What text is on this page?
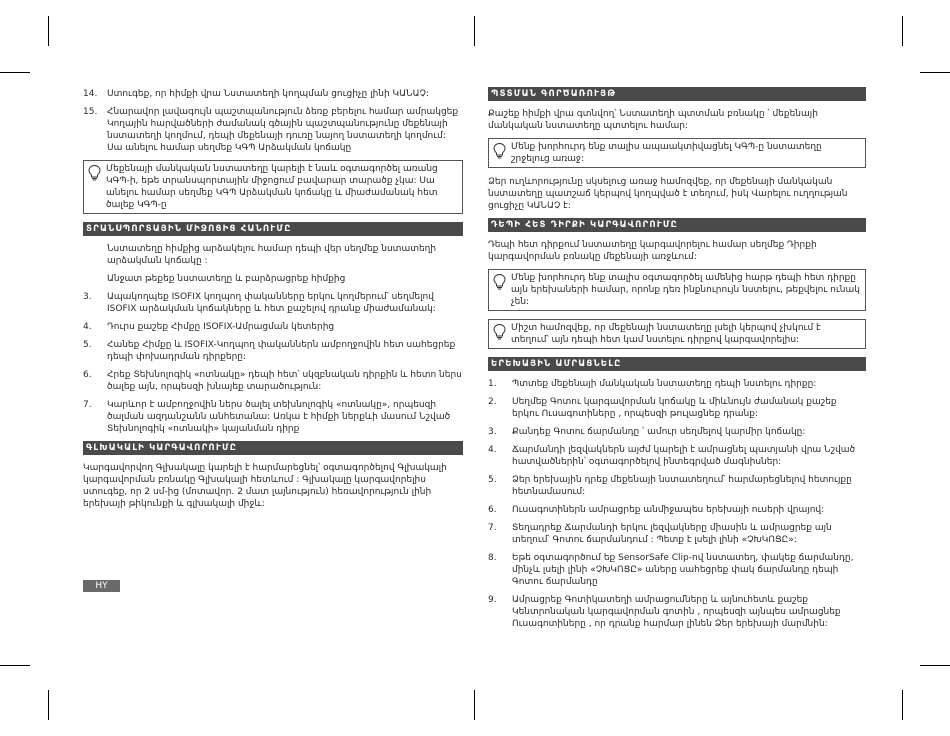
14. Ստուգեք, որ հիմքի վրա Նստատեղի կողպման ցուցիչը լինի ԿԱՆԱՉ:
15. Հնարավոր լավագույն պաշտպանություն ձեռք բերելու համար ամրակցեք Կողային հարվածների ժամանակ գծային պաշտպանությունը մեքենայի նստատեղի կողմում, դեպի մեքենայի դուռը նայող նստատեղի կողմում: Սա անելու համար սեղմեք ԿԳՊ Արձակման կոճակը
Մեքենայի մանկական նստատեղը կարելի է նաև օգտագործել առանց ԿԳՊ-ի, եթե տրանսպորտային միջոցում բավարար տարածք չկա: Սա անելու համար սեղմեք ԿԳՊ Արձակման կոճակը և միաժամանակ հետ ծալեք ԿԳՊ-ը
ՏՐԱՆՍՊՈՐՏԱՅԻՆ ՄԻՋՈՑԻՑ ՀԱՆՈՒՄԸ
Նստատեղը հիմքից արձակելու համար դեպի վեր սեղմեք նստատեղի արձակման կոճակը :
Անջատ թեքեք նստատեղը և բարձրացրեք հիմքից
3. Ապակողպեք ISOFIX կողպող փականները երկու կողմերում՝ սեղմելով ISOFIX արձակման կոճակները և հետ քաշելով դրանք միաժամանակ:
4. Դուրս քաշեք Հիմքը ISOFIX-Ամրացման կետերից
5. Հանեք Հիմքը և ISOFIX-Կողպող փականներն ամբողջովին հետ սահեցրեք դեպի փոխադրման դիրքերը:
6. Հրեք Տեխնոլոգիկ «ոտնակը» դեպի հետ՝ սկզբնական դիրքին և հետո ներս ծալեք այն, որպեսզի խնայեք տարածություն:
7. Կարևոր է ամբողջովին ներս ծալել տեխնոլոգիկ «ոտնակը», որպեսզի ծալման ազդանշանն անհետանա: Առկա է հիմքի ներքևի մասում Նշված Տեխնոլոգիկ «ոտնակի» կայանման դիրք
ԳԼԽԱԿԱԼԻ ԿԱՐԳԱՎՈՐՈՒՄԸ
Կարգավորվող Գլխակալը կարելի է հարմարեցնել՝ օգտագործելով Գլխակալի կարգավորման բռնակը Գլխակալի հետևում : Գլխակալը կարգավորելիս ստուգեք, որ 2 սմ-ից (մոտավոր. 2 մատ լայնություն) հեռավորություն լինի երեխայի թիկունքի և գլխակալի միջև:
HY
ՊՏՏՄԱՆ ԳՈՐԾԱՌՈՒՅԹ
Քաշեք հիմքի վրա գտնվող՝ Նստատեղի պտտման բռնակը ՝ մեքենայի մանկական նստատեղը պտտելու համար:
Մենք խորհուրդ ենք տալիս ապաակտիվացնել ԿԳՊ-ը նստատեղը շրջելուց առաջ:
Ձեր ուղևորությունը սկսելուց առաջ համոզվեք, որ մեքենայի մանկական նստատեղը պատշաճ կերպով կողպված է տեղում, իսկ Վարելու ուղղության ցուցիչը ԿԱՆԱՉ է:
ԴԵՊԻ ՀԵՏ ԴԻՐՔԻ ԿԱՐԳԱՎՈՐՈՒՄԸ
Դեպի հետ դիրքում նստատեղը կարգավորելու համար սեղմեք Դիրքի կարգավորման բռնակը մեքենայի առջևում:
Մենք խորհուրդ ենք տալիս օգտագործել ամենից հարթ դեպի հետ դիրքը այն երեխաների համար, որոնք դեռ ինքնուրույն նստելու, թեքվելու ունակ չեն:
Միշտ համոզվեք, որ մեքենայի նստատեղը լսելի կերպով չխկում է տեղում՝ այն դեպի հետ կամ նստելու դիրքով կարգավորելիս:
ԵՐԵԽԱՅԻՆ ԱՄՐԱՑՆԵԼԸ
1. Պտտեք մեքենայի մանկական նստատեղը դեպի նստելու դիրքը:
2. Սեղմեք Գոտու կարգավորման կոճակը և միևնույն ժամանակ քաշեք երկու Ուսագոտիները , որպեսզի թուլացնեք դրանք:
3. Քանդեք Գոտու ճարմանդը ՝ ամուր սեղմելով կարմիր կոճակը:
4. Ճարմանդի լեզվակներն այժմ կարելի է ամրացնել պատյանի վրա Նշված հատվածներին՝ օգտագործելով ինտեգրված մագնիսներ:
5. Ձեր երեխային դրեք մեքենայի նստատեղում՝ հարմարեցնելով հետույքը հետնամասում:
6. Ուսագոտիներն ամրացրեք անմիջապես երեխայի ուսերի վրայով:
7. Տեղադրեք Ճարմանդի երկու լեզվակները միասին և ամրացրեք այն տեղում՝ Գոտու ճարմանդում : Պետք է լսելի լինի «ՉԽԿՈՑԸ»:
8. Եթե օգտագործում եք SensorSafe Clip-ով նստատեղ, փակեք ճարմանդը, մինչև լսելի լինի «ՉԽԿՈՑԸ» աները սահեցրեք փակ ճարմանդը դեպի Գոտու ճարմանդը
9. Ամրացրեք Գոտիկատեղի ամրացումները և այնուհետև քաշեք Կենտրոնական կարգավորման գոտին , որպեսզի այնպես ամրացնեք Ուսագոտիները , որ դրանք հարմար լինեն Ձեր երեխայի մարմնին:
